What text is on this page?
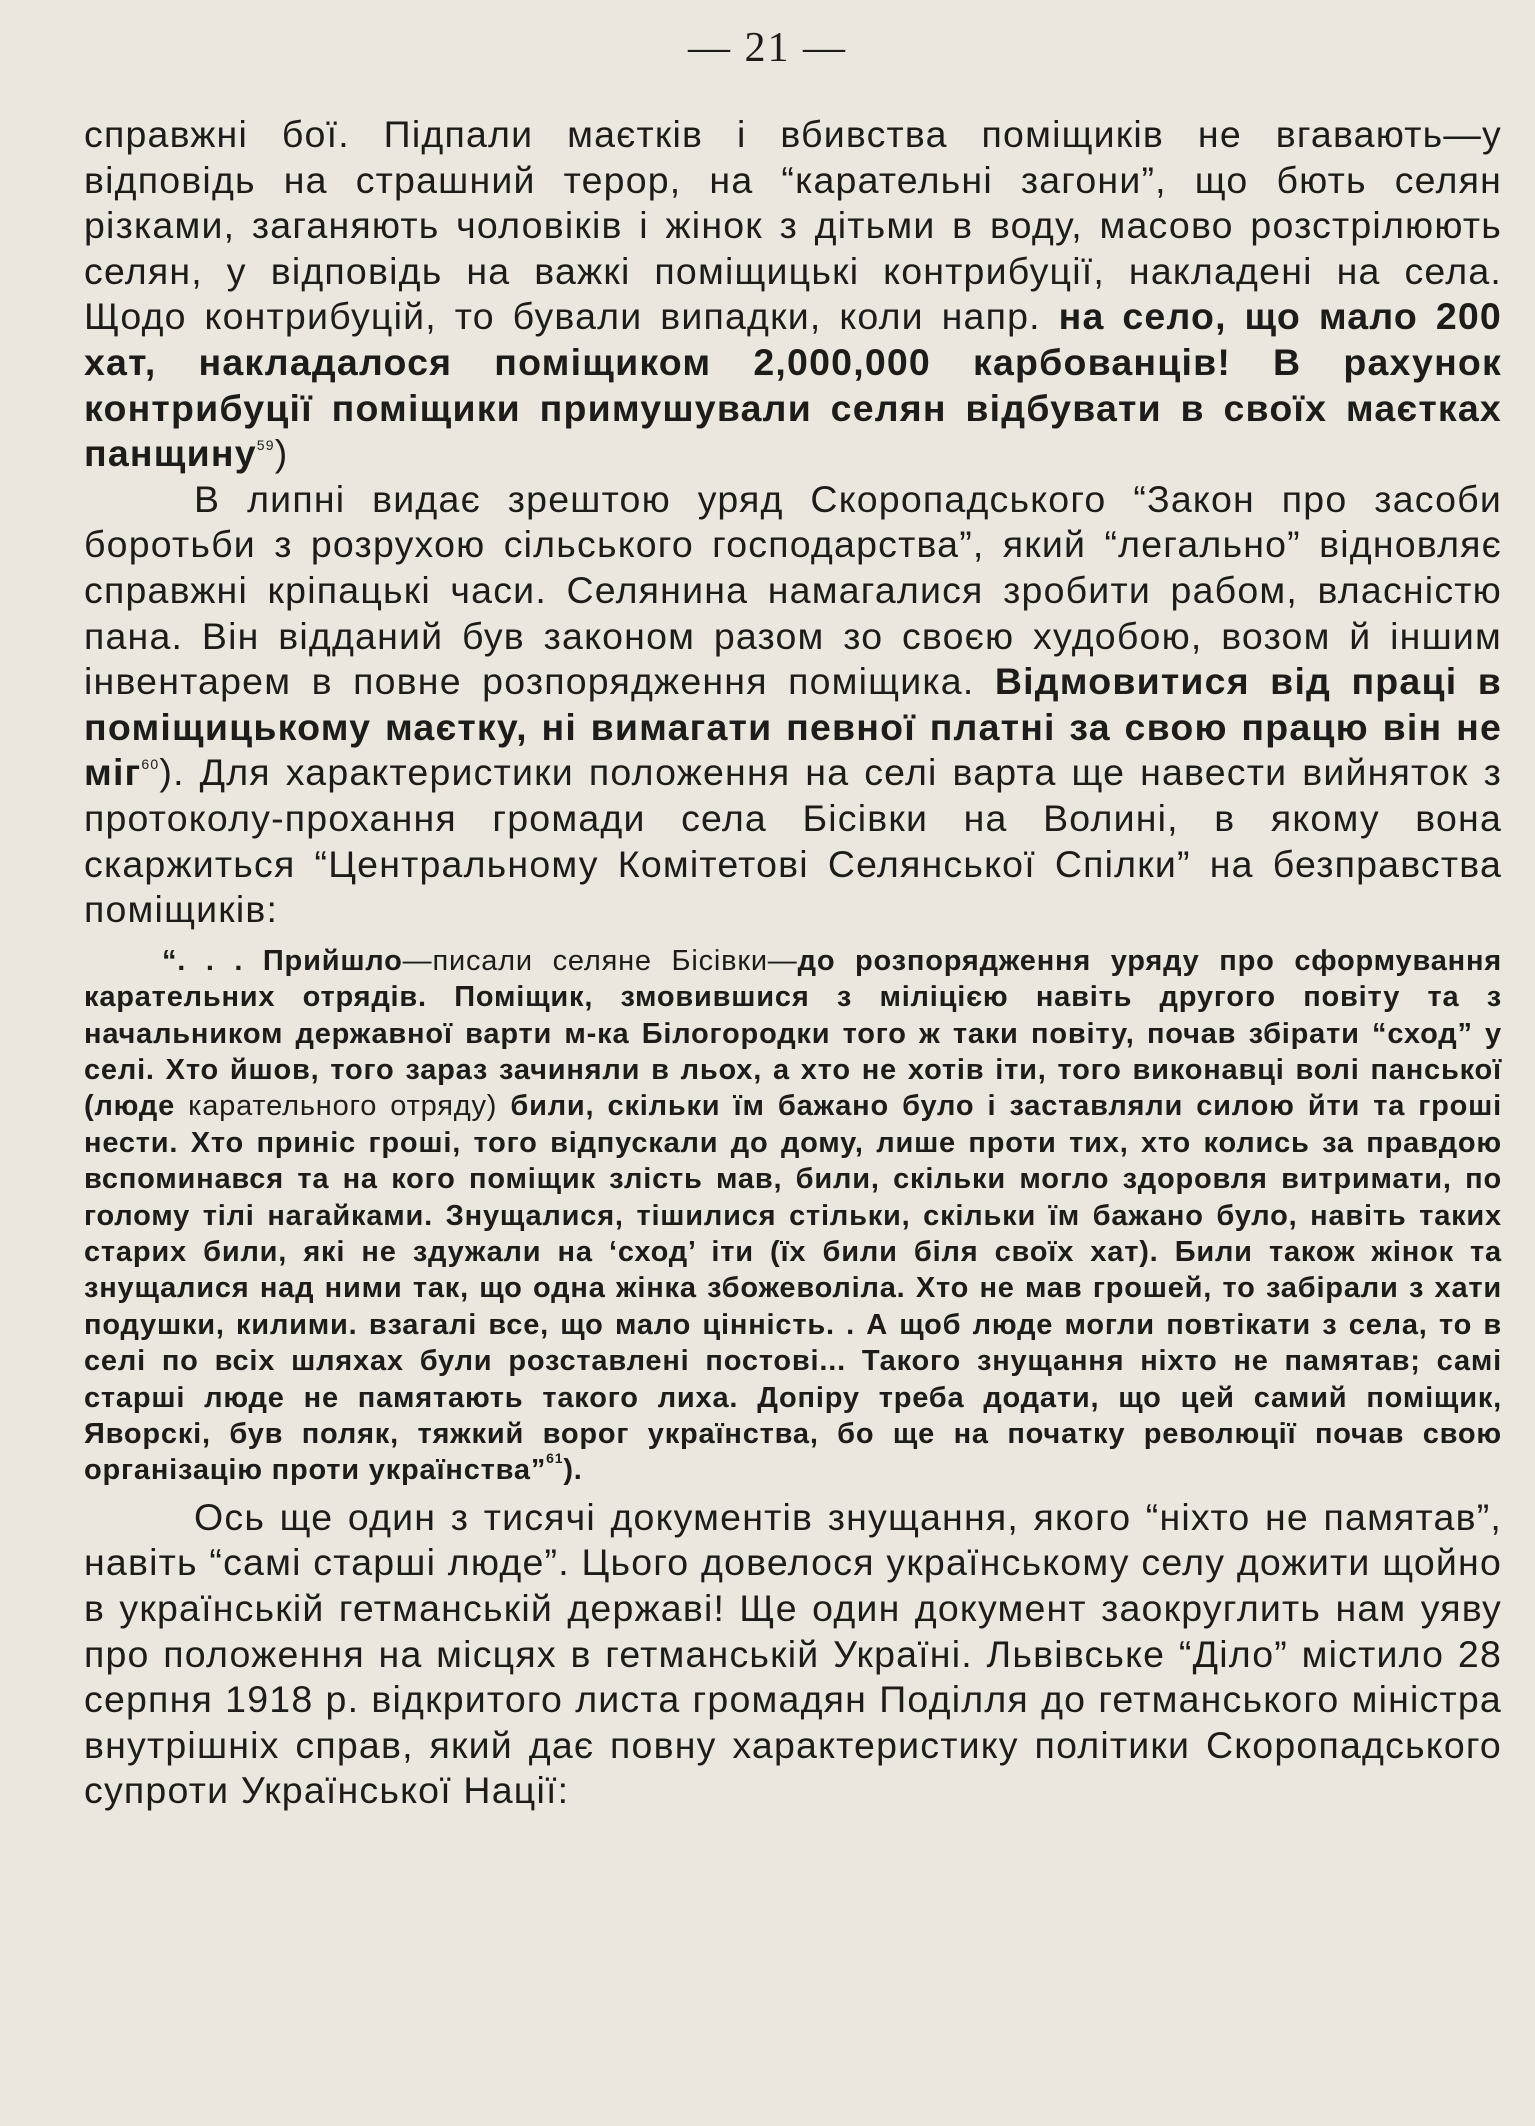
— 21 —

справжні бої. Підпали маєтків і вбивства поміщиків не вгавають—у відповідь на страшний терор, на “карательні загони”, що бють селян різками, заганяють чоловіків і жінок з дітьми в воду, масово розстрілюють селян, у відповідь на важкі поміщицькі контрибуції, накладені на села. Щодо контрибуцій, то бували випадки, коли напр. на село, що мало 200 хат, накладалося поміщиком 2,000,000 карбованців! В рахунок контрибуції поміщики примушували селян відбувати в своїх маєтках панщину$^{59}$)

В липні видає зрештою уряд Скоропадського “Закон про засоби боротьби з розрухою сільського господарства”, який “легально” відновляє справжні кріпацькі часи. Селянина намагалися зробити рабом, власністю пана. Він відданий був законом разом зо своєю худобою, возом й іншим інвентарем в повне розпорядження поміщика. Відмовитися від праці в поміщицькому маєтку, ні вимагати певної платні за свою працю він не міг$^{60}$). Для характеристики положення на селі варта ще навести вийняток з протоколу-прохання громади села Бісівки на Волині, в якому вона скаржиться “Центральному Комітетові Селянської Спілки” на безправства поміщиків:

“. . . Прийшло—писали селяне Бісівки—до розпорядження уряду про сформування карательних отрядів. Поміщик, змовившися з міліцією навіть другого повіту та з начальником державної варти м-ка Білогородки того ж таки повіту, почав збірати “сход” у селі. Хто йшов, того зараз зачиняли в льох, а хто не хотів іти, того виконавці волі панської (люде карательного отряду) били, скільки їм бажано було і заставляли силою йти та гроші нести. Хто приніс гроші, того відпускали до дому, лише проти тих, хто колись за правдою вспоминався та на кого поміщик злість мав, били, скільки могло здоровля витримати, по голому тілі нагайками. Знущалися, тішилися стільки, скільки їм бажано було, навіть таких старих били, які не здужали на ‘сход’ іти (їх били біля своїх хат). Били також жінок та знущалися над ними так, що одна жінка збожеволіла. Хто не мав грошей, то забірали з хати подушки, килими. взагалі все, що мало цінність. . А щоб люде могли повтікати з села, то в селі по всіх шляхах були розставлені постові... Такого знущання ніхто не памятав; самі старші люде не памятають такого лиха. Допіру треба додати, що цей самий поміщик, Яворскі, був поляк, тяжкий ворог українства, бо ще на початку революції почав свою організацію проти українства”$^{61}$).

Ось ще один з тисячі документів знущання, якого “ніхто не памятав”, навіть “самі старші люде”. Цього довелося українському селу дожити щойно в українській гетманській державі! Ще один документ заокруглить нам уяву про положення на місцях в гетманській Україні. Львівське “Діло” містило 28 серпня 1918 р. відкритого листа громадян Поділля до гетманського міністра внутрішніх справ, який дає повну характеристику політики Скоропадського супроти Української Нації:
